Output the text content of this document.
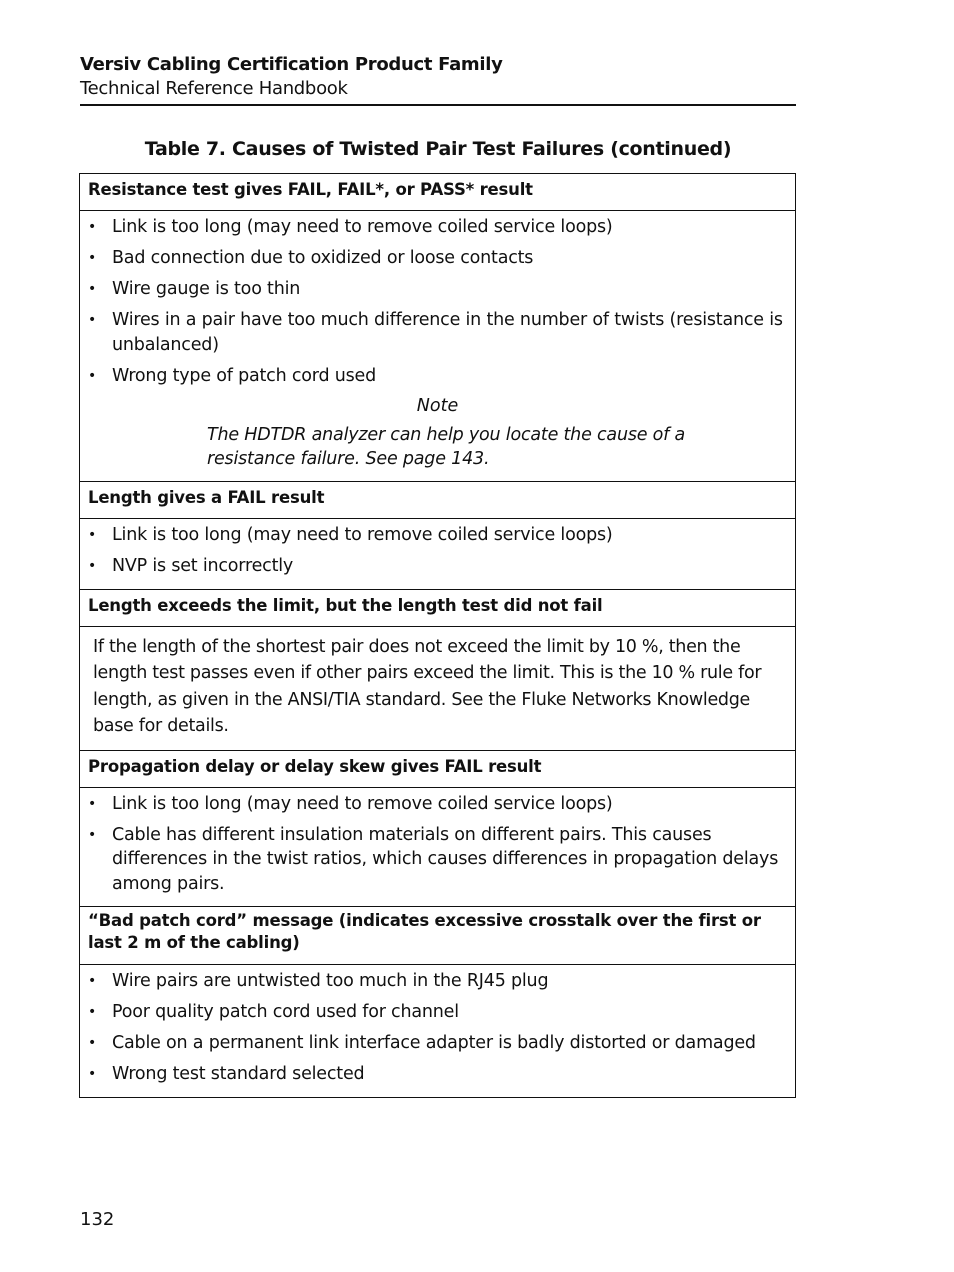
Versiv Cabling Certification Product Family
Technical Reference Handbook
Table 7. Causes of Twisted Pair Test Failures (continued)
Resistance test gives FAIL, FAIL*, or PASS* result
• Link is too long (may need to remove coiled service loops)
• Bad connection due to oxidized or loose contacts
• Wire gauge is too thin
• Wires in a pair have too much difference in the number of twists (resistance is unbalanced)
• Wrong type of patch cord used
Note
The HDTDR analyzer can help you locate the cause of a resistance failure. See page 143.
Length gives a FAIL result
• Link is too long (may need to remove coiled service loops)
• NVP is set incorrectly
Length exceeds the limit, but the length test did not fail
If the length of the shortest pair does not exceed the limit by 10 %, then the length test passes even if other pairs exceed the limit. This is the 10 % rule for length, as given in the ANSI/TIA standard. See the Fluke Networks Knowledge base for details.
Propagation delay or delay skew gives FAIL result
• Link is too long (may need to remove coiled service loops)
• Cable has different insulation materials on different pairs. This causes differences in the twist ratios, which causes differences in propagation delays among pairs.
“Bad patch cord” message (indicates excessive crosstalk over the first or last 2 m of the cabling)
• Wire pairs are untwisted too much in the RJ45 plug
• Poor quality patch cord used for channel
• Cable on a permanent link interface adapter is badly distorted or damaged
• Wrong test standard selected
132
